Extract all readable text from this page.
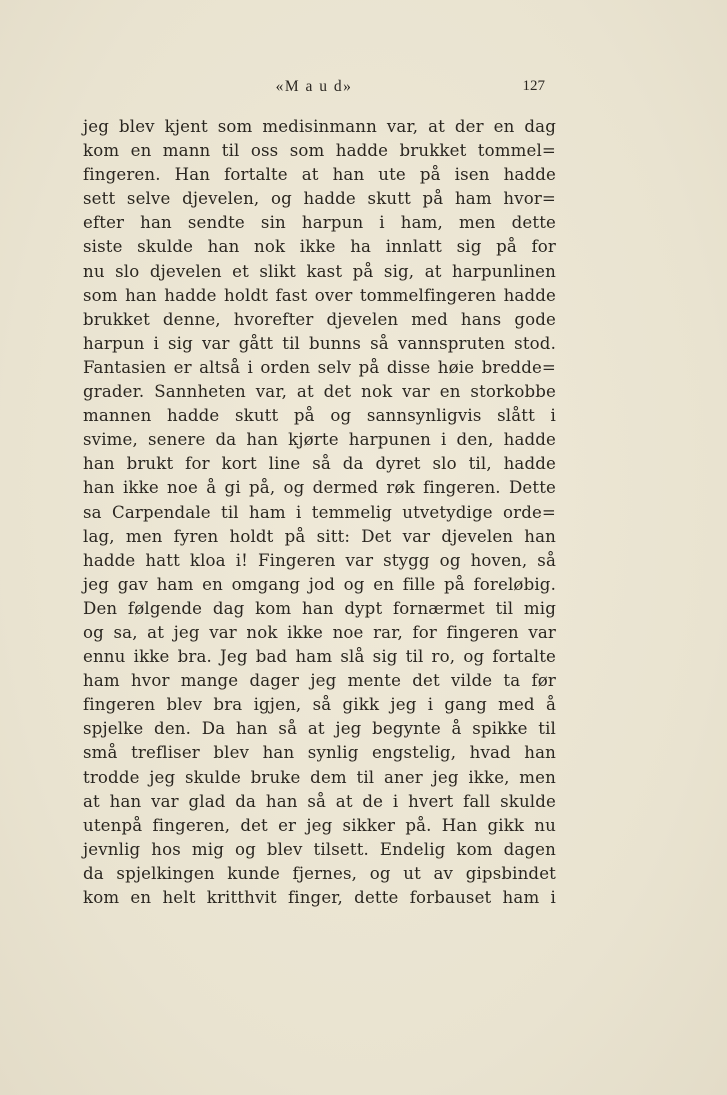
«M a u d»	127
jeg blev kjent som medisinmann var, at der en dag
kom en mann til oss som hadde brukket tommel=
fingeren. Han fortalte at han ute på isen hadde
sett selve djevelen, og hadde skutt på ham hvor=
efter han sendte sin harpun i ham, men dette
siste skulde han nok ikke ha innlatt sig på for
nu slo djevelen et slikt kast på sig, at harpunlinen
som han hadde holdt fast over tommelfingeren hadde
brukket denne, hvorefter djevelen med hans gode
harpun i sig var gått til bunns så vannspruten stod.
Fantasien er altså i orden selv på disse høie bredde=
grader. Sannheten var, at det nok var en storkobbe
mannen hadde skutt på og sannsynligvis slått i
svime, senere da han kjørte harpunen i den, hadde
han brukt for kort line så da dyret slo til, hadde
han ikke noe å gi på, og dermed røk fingeren. Dette
sa Carpendale til ham i temmelig utvetydige orde=
lag, men fyren holdt på sitt: Det var djevelen han
hadde hatt kloa i! Fingeren var stygg og hoven, så
jeg gav ham en omgang jod og en fille på foreløbig.
Den følgende dag kom han dypt fornærmet til mig
og sa, at jeg var nok ikke noe rar, for fingeren var
ennu ikke bra. Jeg bad ham slå sig til ro, og fortalte
ham hvor mange dager jeg mente det vilde ta før
fingeren blev bra igjen, så gikk jeg i gang med å
spjelke den. Da han så at jeg begynte å spikke til
små trefliser blev han synlig engstelig, hvad han
trodde jeg skulde bruke dem til aner jeg ikke, men
at han var glad da han så at de i hvert fall skulde
utenpå fingeren, det er jeg sikker på. Han gikk nu
jevnlig hos mig og blev tilsett. Endelig kom dagen
da spjelkingen kunde fjernes, og ut av gipsbindet
kom en helt kritthvit finger, dette forbauset ham i
